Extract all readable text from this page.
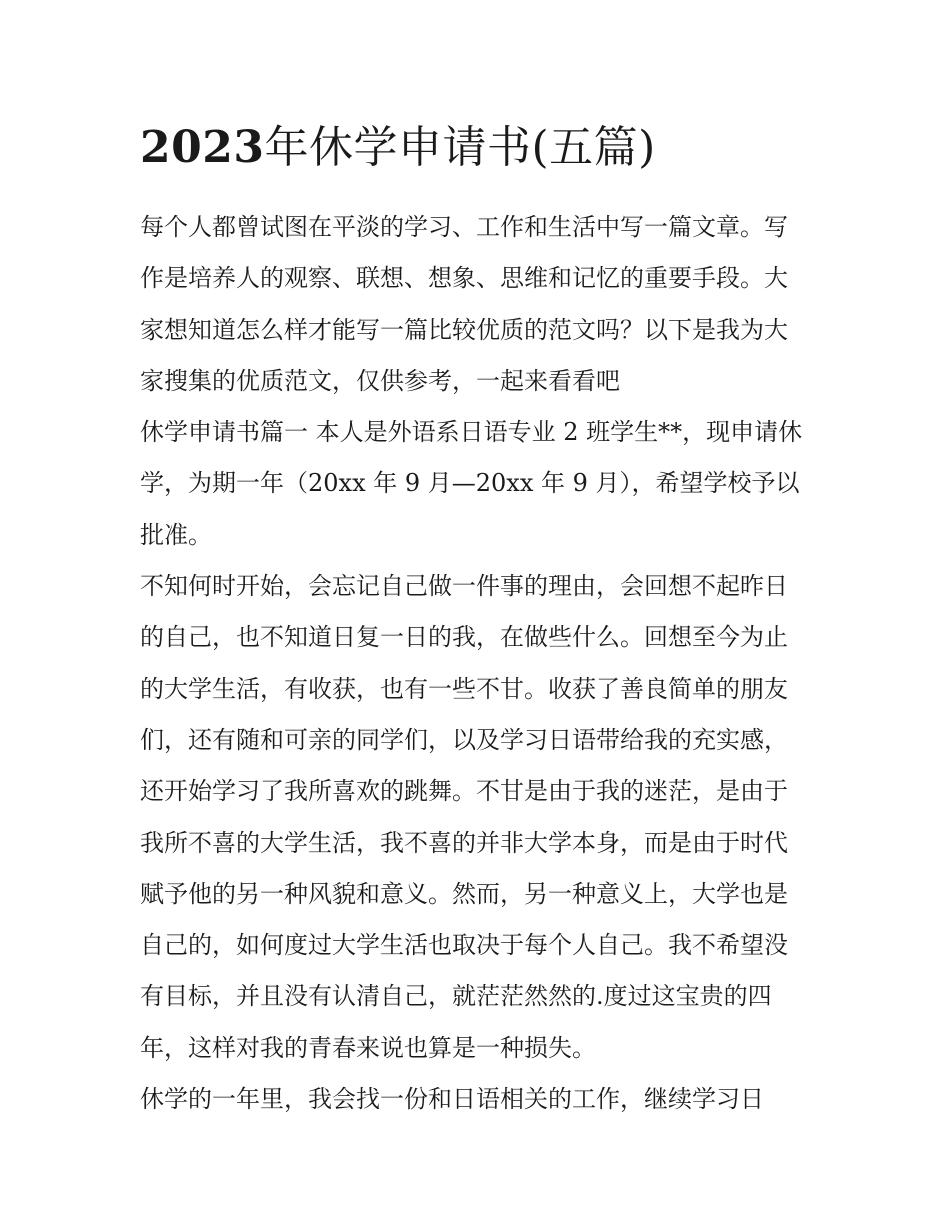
2023年休学申请书(五篇)

每个人都曾试图在平淡的学习、工作和生活中写一篇文章。写
作是培养人的观察、联想、想象、思维和记忆的重要手段。大
家想知道怎么样才能写一篇比较优质的范文吗？以下是我为大
家搜集的优质范文，仅供参考，一起来看看吧

休学申请书篇一 本人是外语系日语专业 2 班学生**，现申请休
学，为期一年（20xx 年 9 月—20xx 年 9 月），希望学校予以
批准。

不知何时开始，会忘记自己做一件事的理由，会回想不起昨日
的自己，也不知道日复一日的我，在做些什么。回想至今为止
的大学生活，有收获，也有一些不甘。收获了善良简单的朋友
们，还有随和可亲的同学们，以及学习日语带给我的充实感，
还开始学习了我所喜欢的跳舞。不甘是由于我的迷茫，是由于
我所不喜的大学生活，我不喜的并非大学本身，而是由于时代
赋予他的另一种风貌和意义。然而，另一种意义上，大学也是
自己的，如何度过大学生活也取决于每个人自己。我不希望没
有目标，并且没有认清自己，就茫茫然然的.度过这宝贵的四
年，这样对我的青春来说也算是一种损失。

休学的一年里，我会找一份和日语相关的工作，继续学习日
